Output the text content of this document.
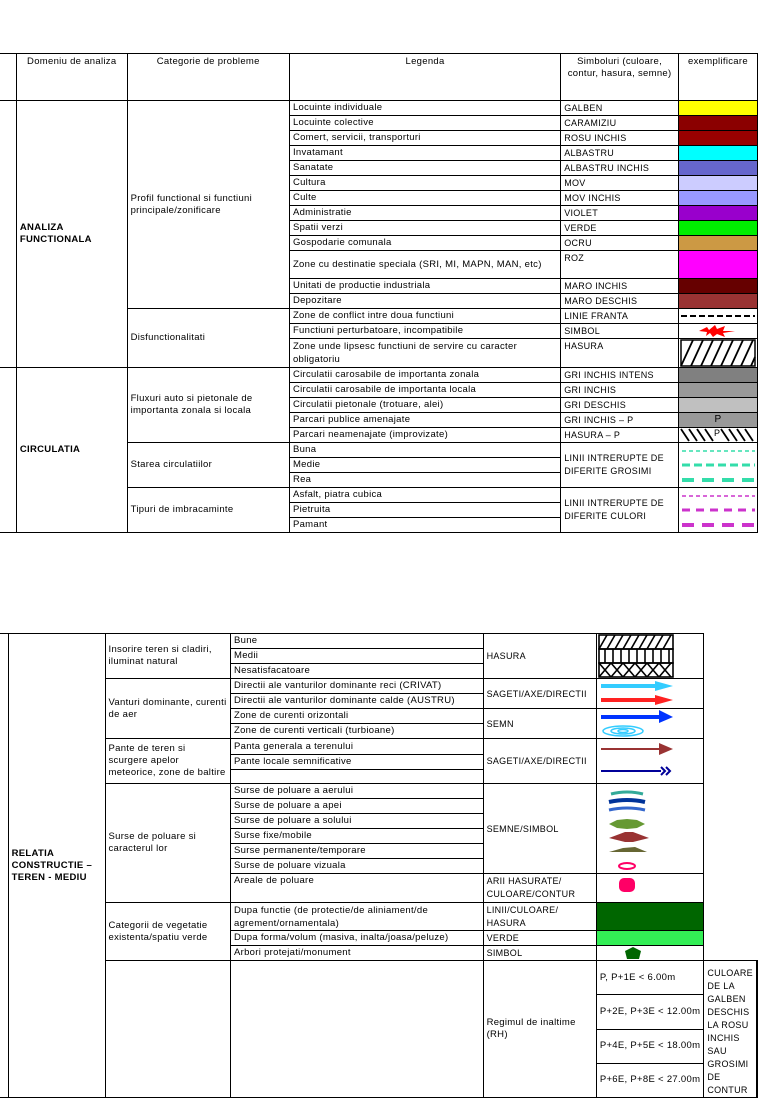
	Domeniu de analiza	Categorie de probleme	Legenda	Simboluri (culoare, contur, hasura, semne)	exemplificare
	ANALIZA FUNCTIONALA	Profil functional si functiuni principale/zonificare	Locuinte individuale	GALBEN	
			Locuinte colective	CARAMIZIU	
			Comert, servicii, transporturi	ROSU INCHIS	
			Invatamant	ALBASTRU	
			Sanatate	ALBASTRU INCHIS	
			Cultura	MOV	
			Culte	MOV INCHIS	
			Administratie	VIOLET	
			Spatii verzi	VERDE	
			Gospodarie comunala	OCRU	
			Zone cu destinatie speciala (SRI, MI, MAPN, MAN, etc)	ROZ	
			Unitati de productie industriala	MARO INCHIS	
			Depozitare	MARO DESCHIS	
		Disfunctionalitati	Zone de conflict intre doua functiuni	LINIE FRANTA	

			Functiuni perturbatoare, incompatibile	SIMBOL	

			Zone unde lipsesc functiuni de servire cu caracter obligatoriu	HASURA	

	CIRCULATIA	Fluxuri auto si pietonale de importanta zonala si locala	Circulatii carosabile de importanta zonala	GRI INCHIS INTENS	
			Circulatii carosabile de importanta locala	GRI INCHIS	
			Circulatii pietonale (trotuare, alei)	GRI DESCHIS	
			Parcari publice amenajate	GRI INCHIS – P	P
			Parcari neamenajate (improvizate)	HASURA – P	P

		Starea circulatiilor	Buna	LINII INTRERUPTE DE DIFERITE GROSIMI	

			Medie		
			Rea		
		Tipuri de imbracaminte	Asfalt, piatra cubica	LINII INTRERUPTE DE DIFERITE CULORI	

			Pietruita		
			Pamant		
	RELATIA CONSTRUCTIE – TEREN - MEDIU	Insorire teren si cladiri, iluminat natural	Bune	HASURA	

			Medii				
			Nesatisfacatoare				
		Vanturi dominante, curenti de aer	Directii ale vanturilor dominante reci (CRIVAT)	SAGETI/AXE/DIRECTII	

			Directii ale vanturilor dominante calde (AUSTRU)				
			Zone de curenti orizontali	SEMN	

			Zone de curenti verticali (turbioane)				
		Pante de teren si scurgere apelor meteorice, zone de baltire	Panta generala a terenului	SAGETI/AXE/DIRECTII	

			Pante locale semnificative				

		Surse de poluare si caracterul lor	Surse de poluare a aerului	SEMNE/SIMBOL	

			Surse de poluare a apei				
			Surse de poluare a solului				
			Surse fixe/mobile				
			Surse permanente/temporare				
			Surse de poluare vizuala				
			Areale de poluare	ARII HASURATE/ CULOARE/CONTUR	

		Categorii de vegetatie existenta/spatiu verde	Dupa functie (de protectie/de aliniament/de agrement/ornamentala)	LINII/CULOARE/ HASURA			
			Dupa forma/volum (masiva, inalta/joasa/peluze)	VERDE			
			Arbori protejati/monument	SIMBOL	

				Regimul de inaltime (RH)	P, P+1E < 6.00m	CULOARE DE LA GALBEN DESCHIS LA ROSU INCHIS SAU GROSIMI DE CONTUR	
					P+2E, P+3E < 12.00m		
					P+4E, P+5E < 18.00m		
					P+6E, P+8E < 27.00m		
